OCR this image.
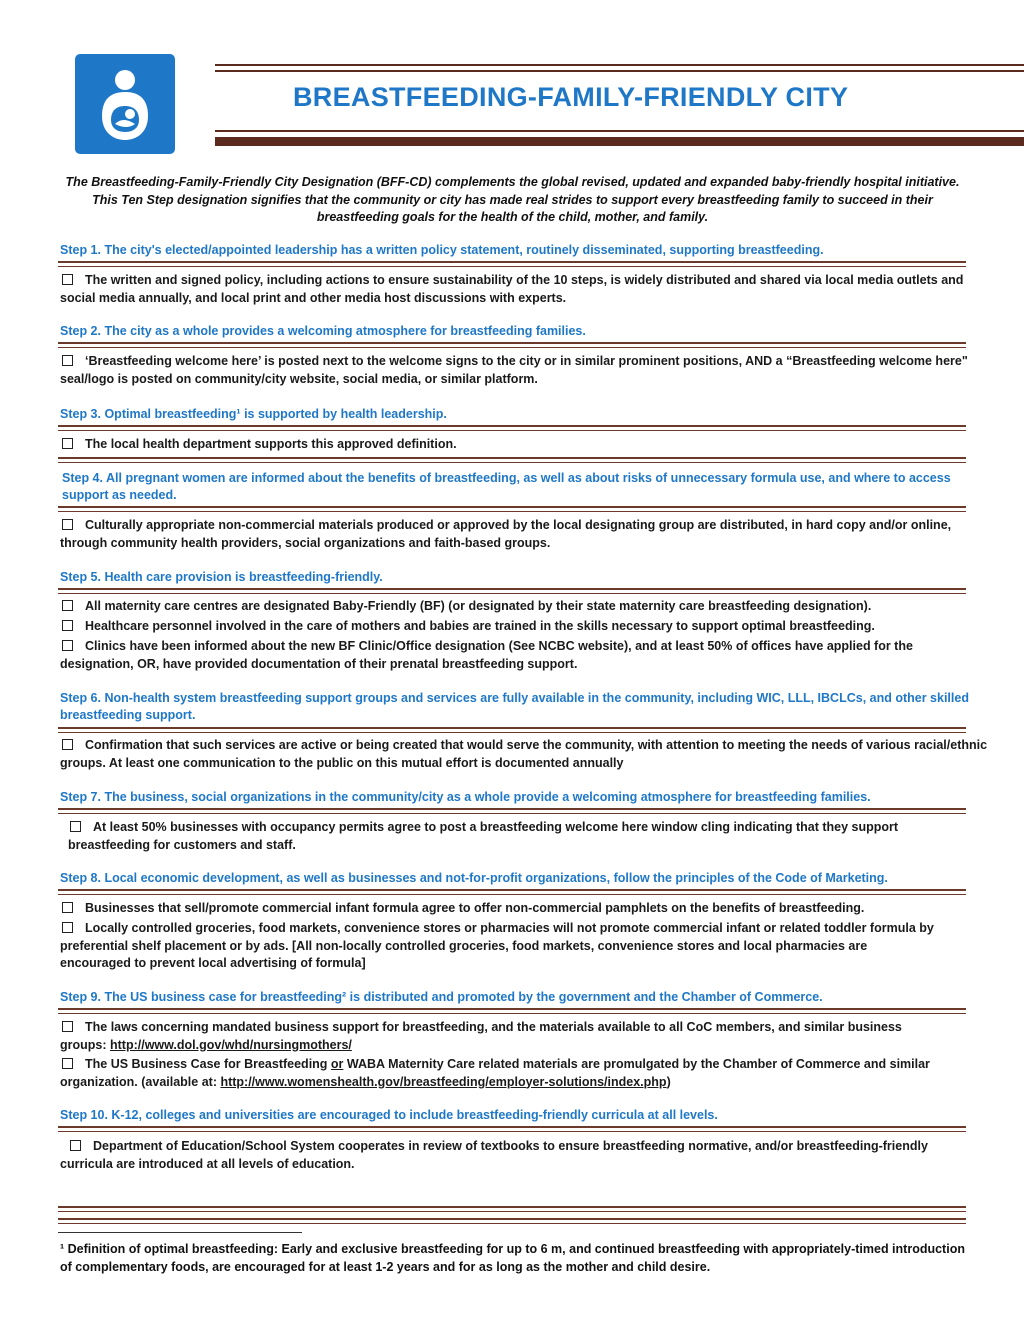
BREASTFEEDING-FAMILY-FRIENDLY CITY
The Breastfeeding-Family-Friendly City Designation (BFF-CD) complements the global revised, updated and expanded baby-friendly hospital initiative. This Ten Step designation signifies that the community or city has made real strides to support every breastfeeding family to succeed in their breastfeeding goals for the health of the child, mother, and family.
Step 1. The city's elected/appointed leadership has a written policy statement, routinely disseminated, supporting breastfeeding.
The written and signed policy, including actions to ensure sustainability of the 10 steps, is widely distributed and shared via local media outlets and social media annually, and local print and other media host discussions with experts.
Step 2. The city as a whole provides a welcoming atmosphere for breastfeeding families.
‘Breastfeeding welcome here’ is posted next to the welcome signs to the city or in similar prominent positions, AND a “Breastfeeding welcome here" seal/logo is posted on community/city website, social media, or similar platform.
Step 3. Optimal breastfeeding¹ is supported by health leadership.
The local health department supports this approved definition.
Step 4. All pregnant women are informed about the benefits of breastfeeding, as well as about risks of unnecessary formula use, and where to access support as needed.
Culturally appropriate non-commercial materials produced or approved by the local designating group are distributed, in hard copy and/or online, through community health providers, social organizations and faith-based groups.
Step 5. Health care provision is breastfeeding-friendly.
All maternity care centres are designated Baby-Friendly (BF) (or designated by their state maternity care breastfeeding designation).
Healthcare personnel involved in the care of mothers and babies are trained in the skills necessary to support optimal breastfeeding.
Clinics have been informed about the new BF Clinic/Office designation (See NCBC website), and at least 50% of offices have applied for the designation, OR, have provided documentation of their prenatal breastfeeding support.
Step 6. Non-health system breastfeeding support groups and services are fully available in the community, including WIC, LLL, IBCLCs, and other skilled breastfeeding support.
Confirmation that such services are active or being created that would serve the community, with attention to meeting the needs of various racial/ethnic groups. At least one communication to the public on this mutual effort is documented annually
Step 7. The business, social organizations in the community/city as a whole provide a welcoming atmosphere for breastfeeding families.
At least 50% businesses with occupancy permits agree to post a breastfeeding welcome here window cling indicating that they support breastfeeding for customers and staff.
Step 8. Local economic development, as well as businesses and not-for-profit organizations, follow the principles of the Code of Marketing.
Businesses that sell/promote commercial infant formula agree to offer non-commercial pamphlets on the benefits of breastfeeding.
Locally controlled groceries, food markets, convenience stores or pharmacies will not promote commercial infant or related toddler formula by preferential shelf placement or by ads. [All non-locally controlled groceries, food markets, convenience stores and local pharmacies are encouraged to prevent local advertising of formula]
Step 9. The US business case for breastfeeding² is distributed and promoted by the government and the Chamber of Commerce.
The laws concerning mandated business support for breastfeeding, and the materials available to all CoC members, and similar business groups: http://www.dol.gov/whd/nursingmothers/
The US Business Case for Breastfeeding or WABA Maternity Care related materials are promulgated by the Chamber of Commerce and similar organization. (available at: http://www.womenshealth.gov/breastfeeding/employer-solutions/index.php)
Step 10. K-12, colleges and universities are encouraged to include breastfeeding-friendly curricula at all levels.
Department of Education/School System cooperates in review of textbooks to ensure breastfeeding normative, and/or breastfeeding-friendly curricula are introduced at all levels of education.
¹ Definition of optimal breastfeeding: Early and exclusive breastfeeding for up to 6 m, and continued breastfeeding with appropriately-timed introduction of complementary foods, are encouraged for at least 1-2 years and for as long as the mother and child desire.
